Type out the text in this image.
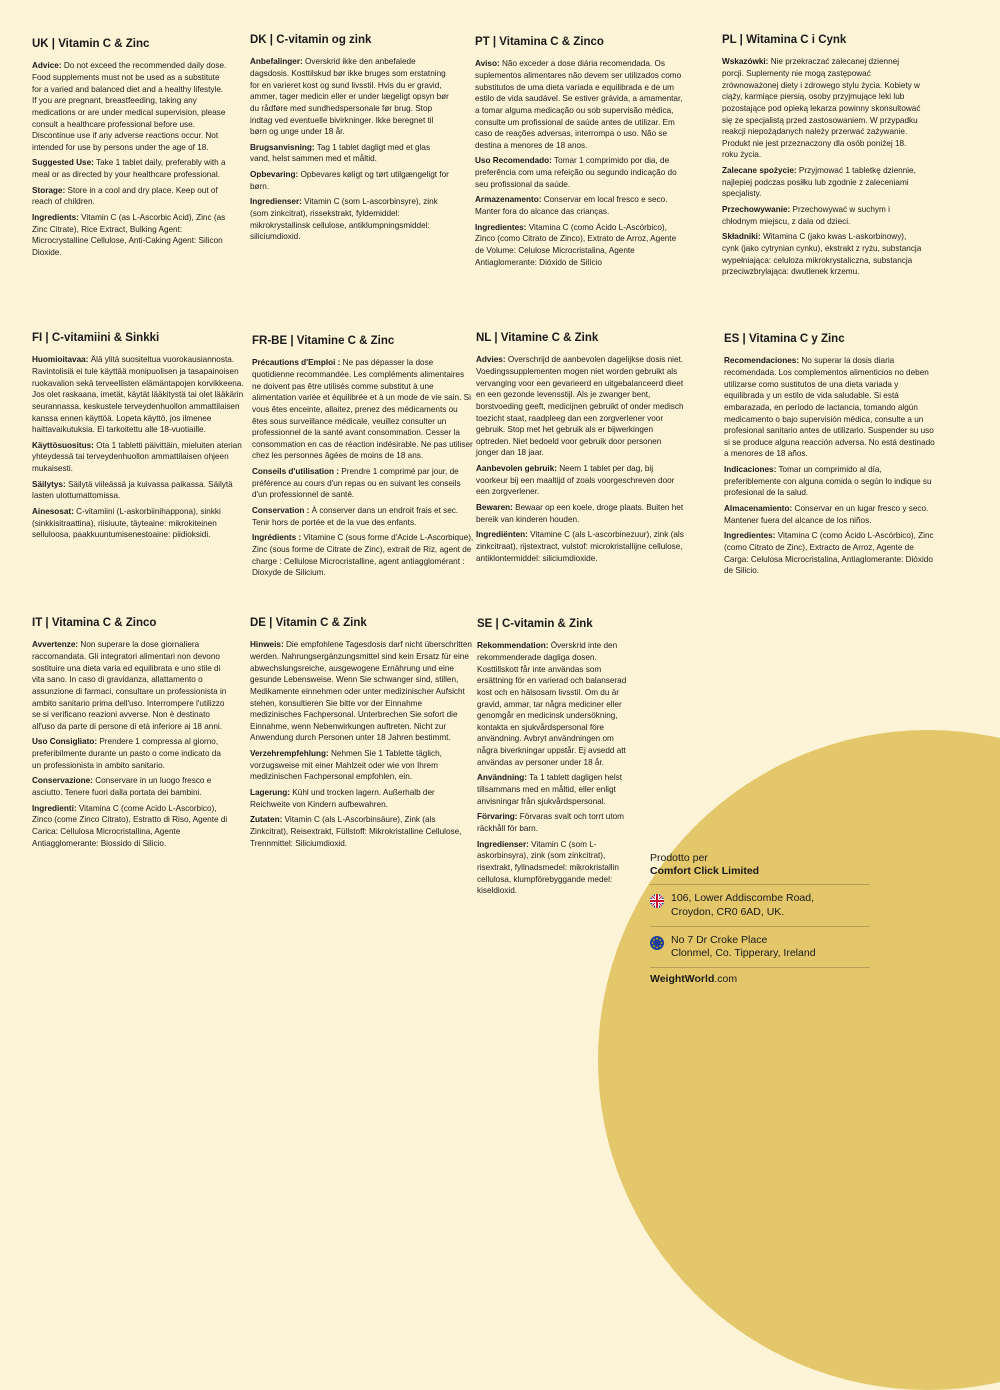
UK | Vitamin C & Zinc

Advice: Do not exceed the recommended daily dose. Food supplements must not be used as a substitute for a varied and balanced diet and a healthy lifestyle. If you are pregnant, breastfeeding, taking any medications or are under medical supervision, please consult a healthcare professional before use. Discontinue use if any adverse reactions occur. Not intended for use by persons under the age of 18.

Suggested Use: Take 1 tablet daily, preferably with a meal or as directed by your healthcare professional.

Storage: Store in a cool and dry place. Keep out of reach of children.

Ingredients: Vitamin C (as L-Ascorbic Acid), Zinc (as Zinc Citrate), Rice Extract, Bulking Agent: Microcrystalline Cellulose, Anti-Caking Agent: Silicon Dioxide.

DK | C-vitamin og zink

Anbefalinger: Overskrid ikke den anbefalede dagsdosis. Kosttilskud bør ikke bruges som erstatning for en varieret kost og sund livsstil. Hvis du er gravid, ammer, tager medicin eller er under lægeligt opsyn bør du rådføre med sundhedspersonale før brug. Stop indtag ved eventuelle bivirkninger. Ikke beregnet til børn og unge under 18 år.

Brugsanvisning: Tag 1 tablet dagligt med et glas vand, helst sammen med et måltid.

Opbevaring: Opbevares køligt og tørt utilgængeligt for børn.

Ingredienser: Vitamin C (som L-ascorbinsyre), zink (som zinkcitrat), rissekstrakt, fyldemiddel: mikrokrystallinsk cellulose, antiklumpningsmiddel: siliciumdioxid.

PT | Vitamina C & Zinco

Aviso: Não exceder a dose diária recomendada. Os suplementos alimentares não devem ser utilizados como substitutos de uma dieta variada e equilibrada e de um estilo de vida saudável. Se estiver grávida, a amamentar, a tomar alguma medicação ou sob supervisão médica, consulte um profissional de saúde antes de utilizar. Em caso de reações adversas, interrompa o uso. Não se destina a menores de 18 anos.

Uso Recomendado: Tomar 1 comprimido por dia, de preferência com uma refeição ou segundo indicação do seu profissional da saúde.

Armazenamento: Conservar em local fresco e seco. Manter fora do alcance das crianças.

Ingredientes: Vitamina C (como Ácido L-Ascórbico), Zinco (como Citrato de Zinco), Extrato de Arroz, Agente de Volume: Celulose Microcristalina, Agente Antiaglomerante: Dióxido de Silício

PL | Witamina C i Cynk

Wskazówki: Nie przekraczać zalecanej dziennej porcji. Suplementy nie mogą zastępować zrównoważonej diety i zdrowego stylu życia. Kobiety w ciąży, karmiące piersią, osoby przyjmujące leki lub pozostające pod opieką lekarza powinny skonsultować się ze specjalistą przed zastosowaniem. W przypadku reakcji niepożądanych należy przerwać zażywanie. Produkt nie jest przeznaczony dla osób poniżej 18. roku życia.

Zalecane spożycie: Przyjmować 1 tabletkę dziennie, najlepiej podczas posiłku lub zgodnie z zaleceniami specjalisty.

Przechowywanie: Przechowywać w suchym i chłodnym miejscu, z dala od dzieci.

Składniki: Witamina C (jako kwas L-askorbinowy), cynk (jako cytrynian cynku), ekstrakt z ryżu, substancja wypełniająca: celuloza mikrokrystaliczna, substancja przeciwzbrylająca: dwutlenek krzemu.

FI | C-vitamiini & Sinkki

Huomioitavaa: Älä ylitä suositeltua vuorokausiannosta. Ravintolisiä ei tule käyttää monipuolisen ja tasapainoisen ruokavalion sekä terveellisten elämäntapojen korvikkeena. Jos olet raskaana, imetät, käytät lääkitystä tai olet lääkärin seurannassa, keskustele terveydenhuollon ammattilaisen kanssa ennen käyttöä. Lopeta käyttö, jos ilmenee haittavaikutuksia. Ei tarkoitettu alle 18-vuotiaille.

Käyttösuositus: Ota 1 tabletti päivittäin, mieluiten aterian yhteydessä tai terveydenhuollon ammattilaisen ohjeen mukaisesti.

Säilytys: Säilytä viileässä ja kuivassa paikassa. Säilytä lasten ulottumattomissa.

Ainesosat: C-vitamiini (L-askorbiinihappona), sinkki (sinkkisitraattina), riisiuute, täyteaine: mikrokiteinen selluloosa, paakkuuntumisenestoaine: piidioksidi.

FR-BE | Vitamine C & Zinc

Précautions d'Emploi : Ne pas dépasser la dose quotidienne recommandée. Les compléments alimentaires ne doivent pas être utilisés comme substitut à une alimentation variée et équilibrée et à un mode de vie sain. Si vous êtes enceinte, allaitez, prenez des médicaments ou êtes sous surveillance médicale, veuillez consulter un professionnel de la santé avant consommation. Cesser la consommation en cas de réaction indésirable. Ne pas utiliser chez les personnes âgées de moins de 18 ans.

Conseils d'utilisation : Prendre 1 comprimé par jour, de préférence au cours d'un repas ou en suivant les conseils d'un professionnel de santé.

Conservation : À conserver dans un endroit frais et sec. Tenir hors de portée et de la vue des enfants.

Ingrédients : Vitamine C (sous forme d'Acide L-Ascorbique), Zinc (sous forme de Citrate de Zinc), extrait de Riz, agent de charge : Cellulose Microcristalline, agent antiagglomérant : Dioxyde de Silicium.

NL | Vitamine C & Zink

Advies: Overschrijd de aanbevolen dagelijkse dosis niet. Voedingssupplementen mogen niet worden gebruikt als vervanging voor een gevarieerd en uitgebalanceerd dieet en een gezonde levensstijl. Als je zwanger bent, borstvoeding geeft, medicijnen gebruikt of onder medisch toezicht staat, raadpleeg dan een zorgverlener voor gebruik. Stop met het gebruik als er bijwerkingen optreden. Niet bedoeld voor gebruik door personen jonger dan 18 jaar.

Aanbevolen gebruik: Neem 1 tablet per dag, bij voorkeur bij een maaltijd of zoals voorgeschreven door een zorgverlener.

Bewaren: Bewaar op een koele, droge plaats. Buiten het bereik van kinderen houden.

Ingrediënten: Vitamine C (als L-ascorbinezuur), zink (als zinkcitraat), rijstextract, vulstof: microkristallijne cellulose, antiklontermiddel: siliciumdioxide.

ES | Vitamina C y Zinc

Recomendaciones: No superar la dosis diaria recomendada. Los complementos alimenticios no deben utilizarse como sustitutos de una dieta variada y equilibrada y un estilo de vida saludable. Si está embarazada, en período de lactancia, tomando algún medicamento o bajo supervisión médica, consulte a un profesional sanitario antes de utilizarlo. Suspender su uso si se produce alguna reacción adversa. No está destinado a menores de 18 años.

Indicaciones: Tomar un comprimido al día, preferiblemente con alguna comida o según lo indique su profesional de la salud.

Almacenamiento: Conservar en un lugar fresco y seco. Mantener fuera del alcance de los niños.

Ingredientes: Vitamina C (como Ácido L-Ascórbico), Zinc (como Citrato de Zinc), Extracto de Arroz, Agente de Carga: Celulosa Microcristalina, Antiaglomerante: Dióxido de Silicio.

IT | Vitamina C & Zinco

Avvertenze: Non superare la dose giornaliera raccomandata. Gli integratori alimentari non devono sostituire una dieta varia ed equilibrata e uno stile di vita sano. In caso di gravidanza, allattamento o assunzione di farmaci, consultare un professionista in ambito sanitario prima dell'uso. Interrompere l'utilizzo se si verificano reazioni avverse. Non è destinato all'uso da parte di persone di età inferiore ai 18 anni.

Uso Consigliato: Prendere 1 compressa al giorno, preferibilmente durante un pasto o come indicato da un professionista in ambito sanitario.

Conservazione: Conservare in un luogo fresco e asciutto. Tenere fuori dalla portata dei bambini.

Ingredienti: Vitamina C (come Acido L-Ascorbico), Zinco (come Zinco Citrato), Estratto di Riso, Agente di Carica: Cellulosa Microcristallina, Agente Antiagglomerante: Biossido di Silicio.

DE | Vitamin C & Zink

Hinweis: Die empfohlene Tagesdosis darf nicht überschritten werden. Nahrungsergänzungsmittel sind kein Ersatz für eine abwechslungsreiche, ausgewogene Ernährung und eine gesunde Lebensweise. Wenn Sie schwanger sind, stillen, Medikamente einnehmen oder unter medizinischer Aufsicht stehen, konsultieren Sie bitte vor der Einnahme medizinisches Fachpersonal. Unterbrechen Sie sofort die Einnahme, wenn Nebenwirkungen auftreten. Nicht zur Anwendung durch Personen unter 18 Jahren bestimmt.

Verzehrempfehlung: Nehmen Sie 1 Tablette täglich, vorzugsweise mit einer Mahlzeit oder wie von Ihrem medizinischen Fachpersonal empfohlen, ein.

Lagerung: Kühl und trocken lagern. Außerhalb der Reichweite von Kindern aufbewahren.

Zutaten: Vitamin C (als L-Ascorbinsäure), Zink (als Zinkcitrat), Reisextrakt, Füllstoff: Mikrokristalline Cellulose, Trennmittel: Siliciumdioxid.

SE | C-vitamin & Zink

Rekommendation: Överskrid inte den rekommenderade dagliga dosen. Kosttillskott får inte användas som ersättning för en varierad och balanserad kost och en hälsosam livsstil. Om du är gravid, ammar, tar några mediciner eller genomgår en medicinsk undersökning, kontakta en sjukvårdspersonal före användning. Avbryt användningen om några biverkningar uppstår. Ej avsedd att användas av personer under 18 år.

Användning: Ta 1 tablett dagligen helst tillsammans med en måltid, eller enligt anvisningar från sjukvårdspersonal.

Förvaring: Förvaras svalt och torrt utom räckhåll för barn.

Ingredienser: Vitamin C (som L-askorbinsyra), zink (som zinkcitrat), risextrakt, fyllnadsmedel: mikrokristallin cellulosa, klumpförebyggande medel: kiseldioxid.

Prodotto per
Comfort Click Limited

106, Lower Addiscombe Road,
Croydon, CR0 6AD, UK.
No 7 Dr Croke Place
Clonmel, Co. Tipperary, Ireland
WeightWorld.com
